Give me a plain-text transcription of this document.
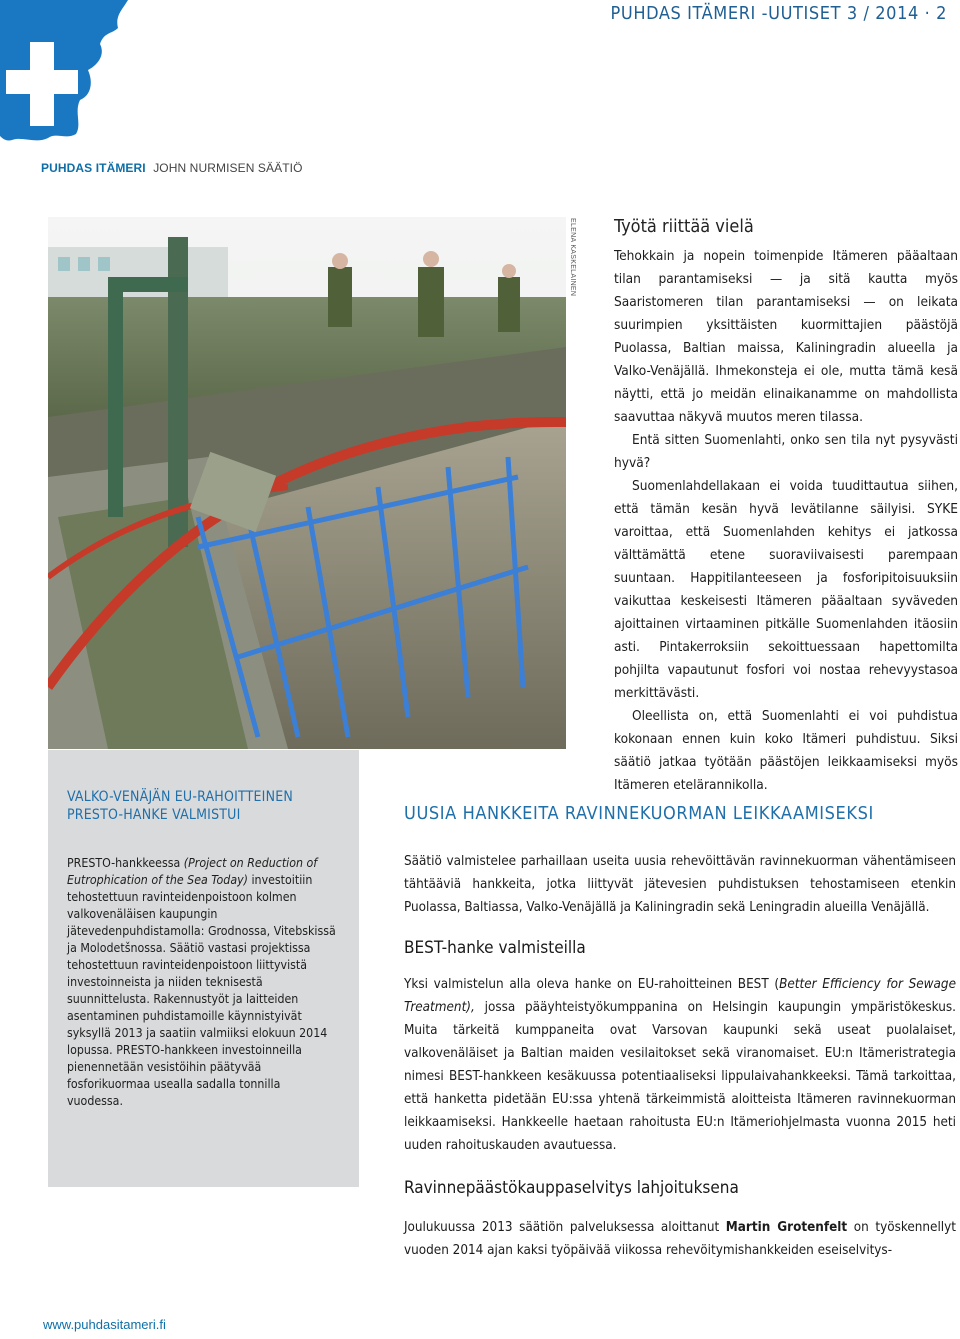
PUHDAS ITÄMERI JOHN NURMISEN SÄÄTIÖ
PUHDAS ITÄMERI -UUTISET 3 / 2014 · 2
ELENA KASKELAINEN Työtä riittää vielä

Tehokkain ja nopein toimenpide Itämeren pääaltaan tilan parantamiseksi — ja sitä kautta myös Saaristomeren tilan parantamiseksi — on leikata suurimpien yksittäisten kuormittajien päästöjä Puolassa, Baltian maissa, Kaliningradin alueella ja Valko-Venäjällä. Ihmekonsteja ei ole, mutta tämä kesä näytti, että jo meidän elinaikanamme on mahdollista saavuttaa näkyvä muutos meren tilassa.

Entä sitten Suomenlahti, onko sen tila nyt pysyvästi hyvä?

Suomenlahdellakaan ei voida tuudittautua siihen, että tämän kesän hyvä levätilanne säilyisi. SYKE varoittaa, että Suomenlahden kehitys ei jatkossa välttämättä etene suoraviivaisesti parempaan suuntaan. Happitilanteeseen ja fosforipitoisuuksiin vaikuttaa keskeisesti Itämeren pääaltaan syväveden ajoittainen virtaaminen pitkälle Suomenlahden itäosiin asti. Pintakerroksiin sekoittuessaan hapettomilta pohjilta vapautunut fosfori voi nostaa rehevyystasoa merkittävästi.

Oleellista on, että Suomenlahti ei voi puhdistua kokonaan ennen kuin koko Itämeri puhdistuu. Siksi säätiö jatkaa työtään päästöjen leikkaamiseksi myös Itämeren etelärannikolla.

VALKO-VENÄJÄN EU-RAHOITTEINEN
PRESTO-HANKE VALMISTUI

PRESTO-hankkeessa (Project on Reduction of Eutrophication of the Sea Today) investoitiin tehostettuun ravinteidenpoistoon kolmen valkovenäläisen kaupungin jätevedenpuhdistamolla: Grodnossa, Vitebskissä ja Molodetšnossa. Säätiö vastasi projektissa tehostettuun ravinteidenpoistoon liittyvistä investoinneista ja niiden teknisestä suunnittelusta. Rakennustyöt ja laitteiden asentaminen puhdistamoille käynnistyivät syksyllä 2013 ja saatiin valmiiksi elokuun 2014 lopussa. PRESTO-hankkeen investoinneilla pienennetään vesistöihin päätyvää fosforikuormaa usealla sadalla tonnilla vuodessa.

UUSIA HANKKEITA RAVINNEKUORMAN LEIKKAAMISEKSI

Säätiö valmistelee parhaillaan useita uusia rehevöittävän ravinnekuorman vähentämiseen tähtääviä hankkeita, jotka liittyvät jätevesien puhdistuksen tehostamiseen etenkin Puolassa, Baltiassa, Valko-Venäjällä ja Kaliningradin sekä Leningradin alueilla Venäjällä.

BEST-hanke valmisteilla

Yksi valmistelun alla oleva hanke on EU-rahoitteinen BEST (Better Efficiency for Sewage Treatment), jossa pääyhteistyökumppanina on Helsingin kaupungin ympäristökeskus. Muita tärkeitä kumppaneita ovat Varsovan kaupunki sekä useat puolalaiset, valkovenäläiset ja Baltian maiden vesilaitokset sekä viranomaiset. EU:n Itämeristrategia nimesi BEST-hankkeen kesäkuussa potentiaaliseksi lippulaivahankkeeksi. Tämä tarkoittaa, että hanketta pidetään EU:ssa yhtenä tärkeimmistä aloitteista Itämeren ravinnekuorman leikkaamiseksi. Hankkeelle haetaan rahoitusta EU:n Itämeriohjelmasta vuonna 2015 heti uuden rahoituskauden avautuessa.

Ravinnepäästökauppaselvitys lahjoituksena

Joulukuussa 2013 säätiön palveluksessa aloittanut Martin Grotenfelt on työskennellyt vuoden 2014 ajan kaksi työpäivää viikossa rehevöitymishankkeiden eseiselvitys-

www.puhdasitameri.fi
